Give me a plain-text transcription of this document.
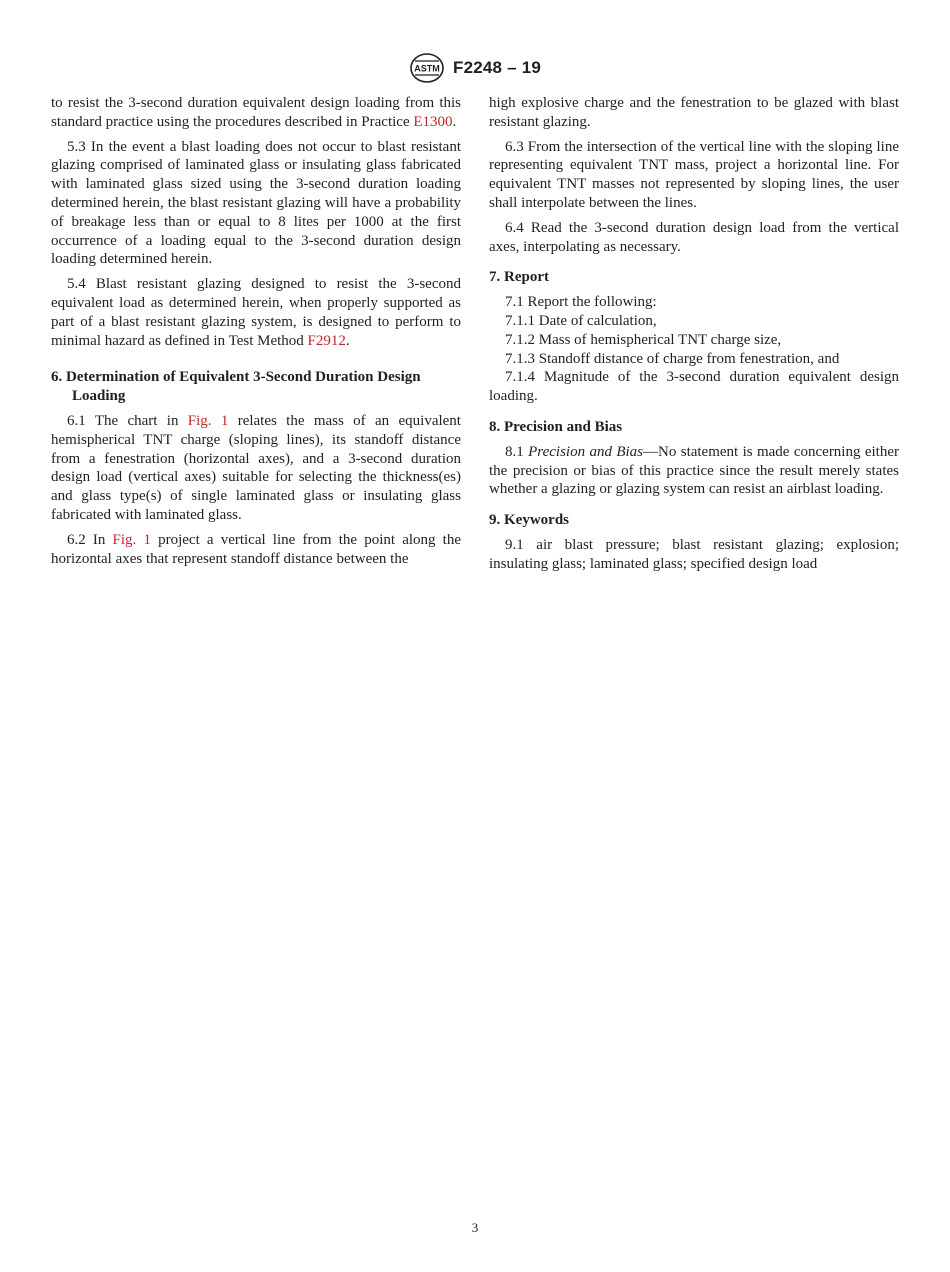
ASTM F2248 – 19

to resist the 3-second duration equivalent design loading from this standard practice using the procedures described in Practice E1300.

5.3 In the event a blast loading does not occur to blast resistant glazing comprised of laminated glass or insulating glass fabricated with laminated glass sized using the 3-second duration loading determined herein, the blast resistant glazing will have a probability of breakage less than or equal to 8 lites per 1000 at the first occurrence of a loading equal to the 3-second duration design loading determined herein.

5.4 Blast resistant glazing designed to resist the 3-second equivalent load as determined herein, when properly supported as part of a blast resistant glazing system, is designed to perform to minimal hazard as defined in Test Method F2912.

6. Determination of Equivalent 3-Second Duration Design Loading

6.1 The chart in Fig. 1 relates the mass of an equivalent hemispherical TNT charge (sloping lines), its standoff distance from a fenestration (horizontal axes), and a 3-second duration design load (vertical axes) suitable for selecting the thickness(es) and glass type(s) of single laminated glass or insulating glass fabricated with laminated glass.

6.2 In Fig. 1 project a vertical line from the point along the horizontal axes that represent standoff distance between the

high explosive charge and the fenestration to be glazed with blast resistant glazing.

6.3 From the intersection of the vertical line with the sloping line representing equivalent TNT mass, project a horizontal line. For equivalent TNT masses not represented by sloping lines, the user shall interpolate between the lines.

6.4 Read the 3-second duration design load from the vertical axes, interpolating as necessary.

7. Report

7.1 Report the following:

7.1.1 Date of calculation,

7.1.2 Mass of hemispherical TNT charge size,

7.1.3 Standoff distance of charge from fenestration, and

7.1.4 Magnitude of the 3-second duration equivalent design loading.

8. Precision and Bias

8.1 Precision and Bias—No statement is made concerning either the precision or bias of this practice since the result merely states whether a glazing or glazing system can resist an airblast loading.

9. Keywords

9.1 air blast pressure; blast resistant glazing; explosion; insulating glass; laminated glass; specified design load

3
